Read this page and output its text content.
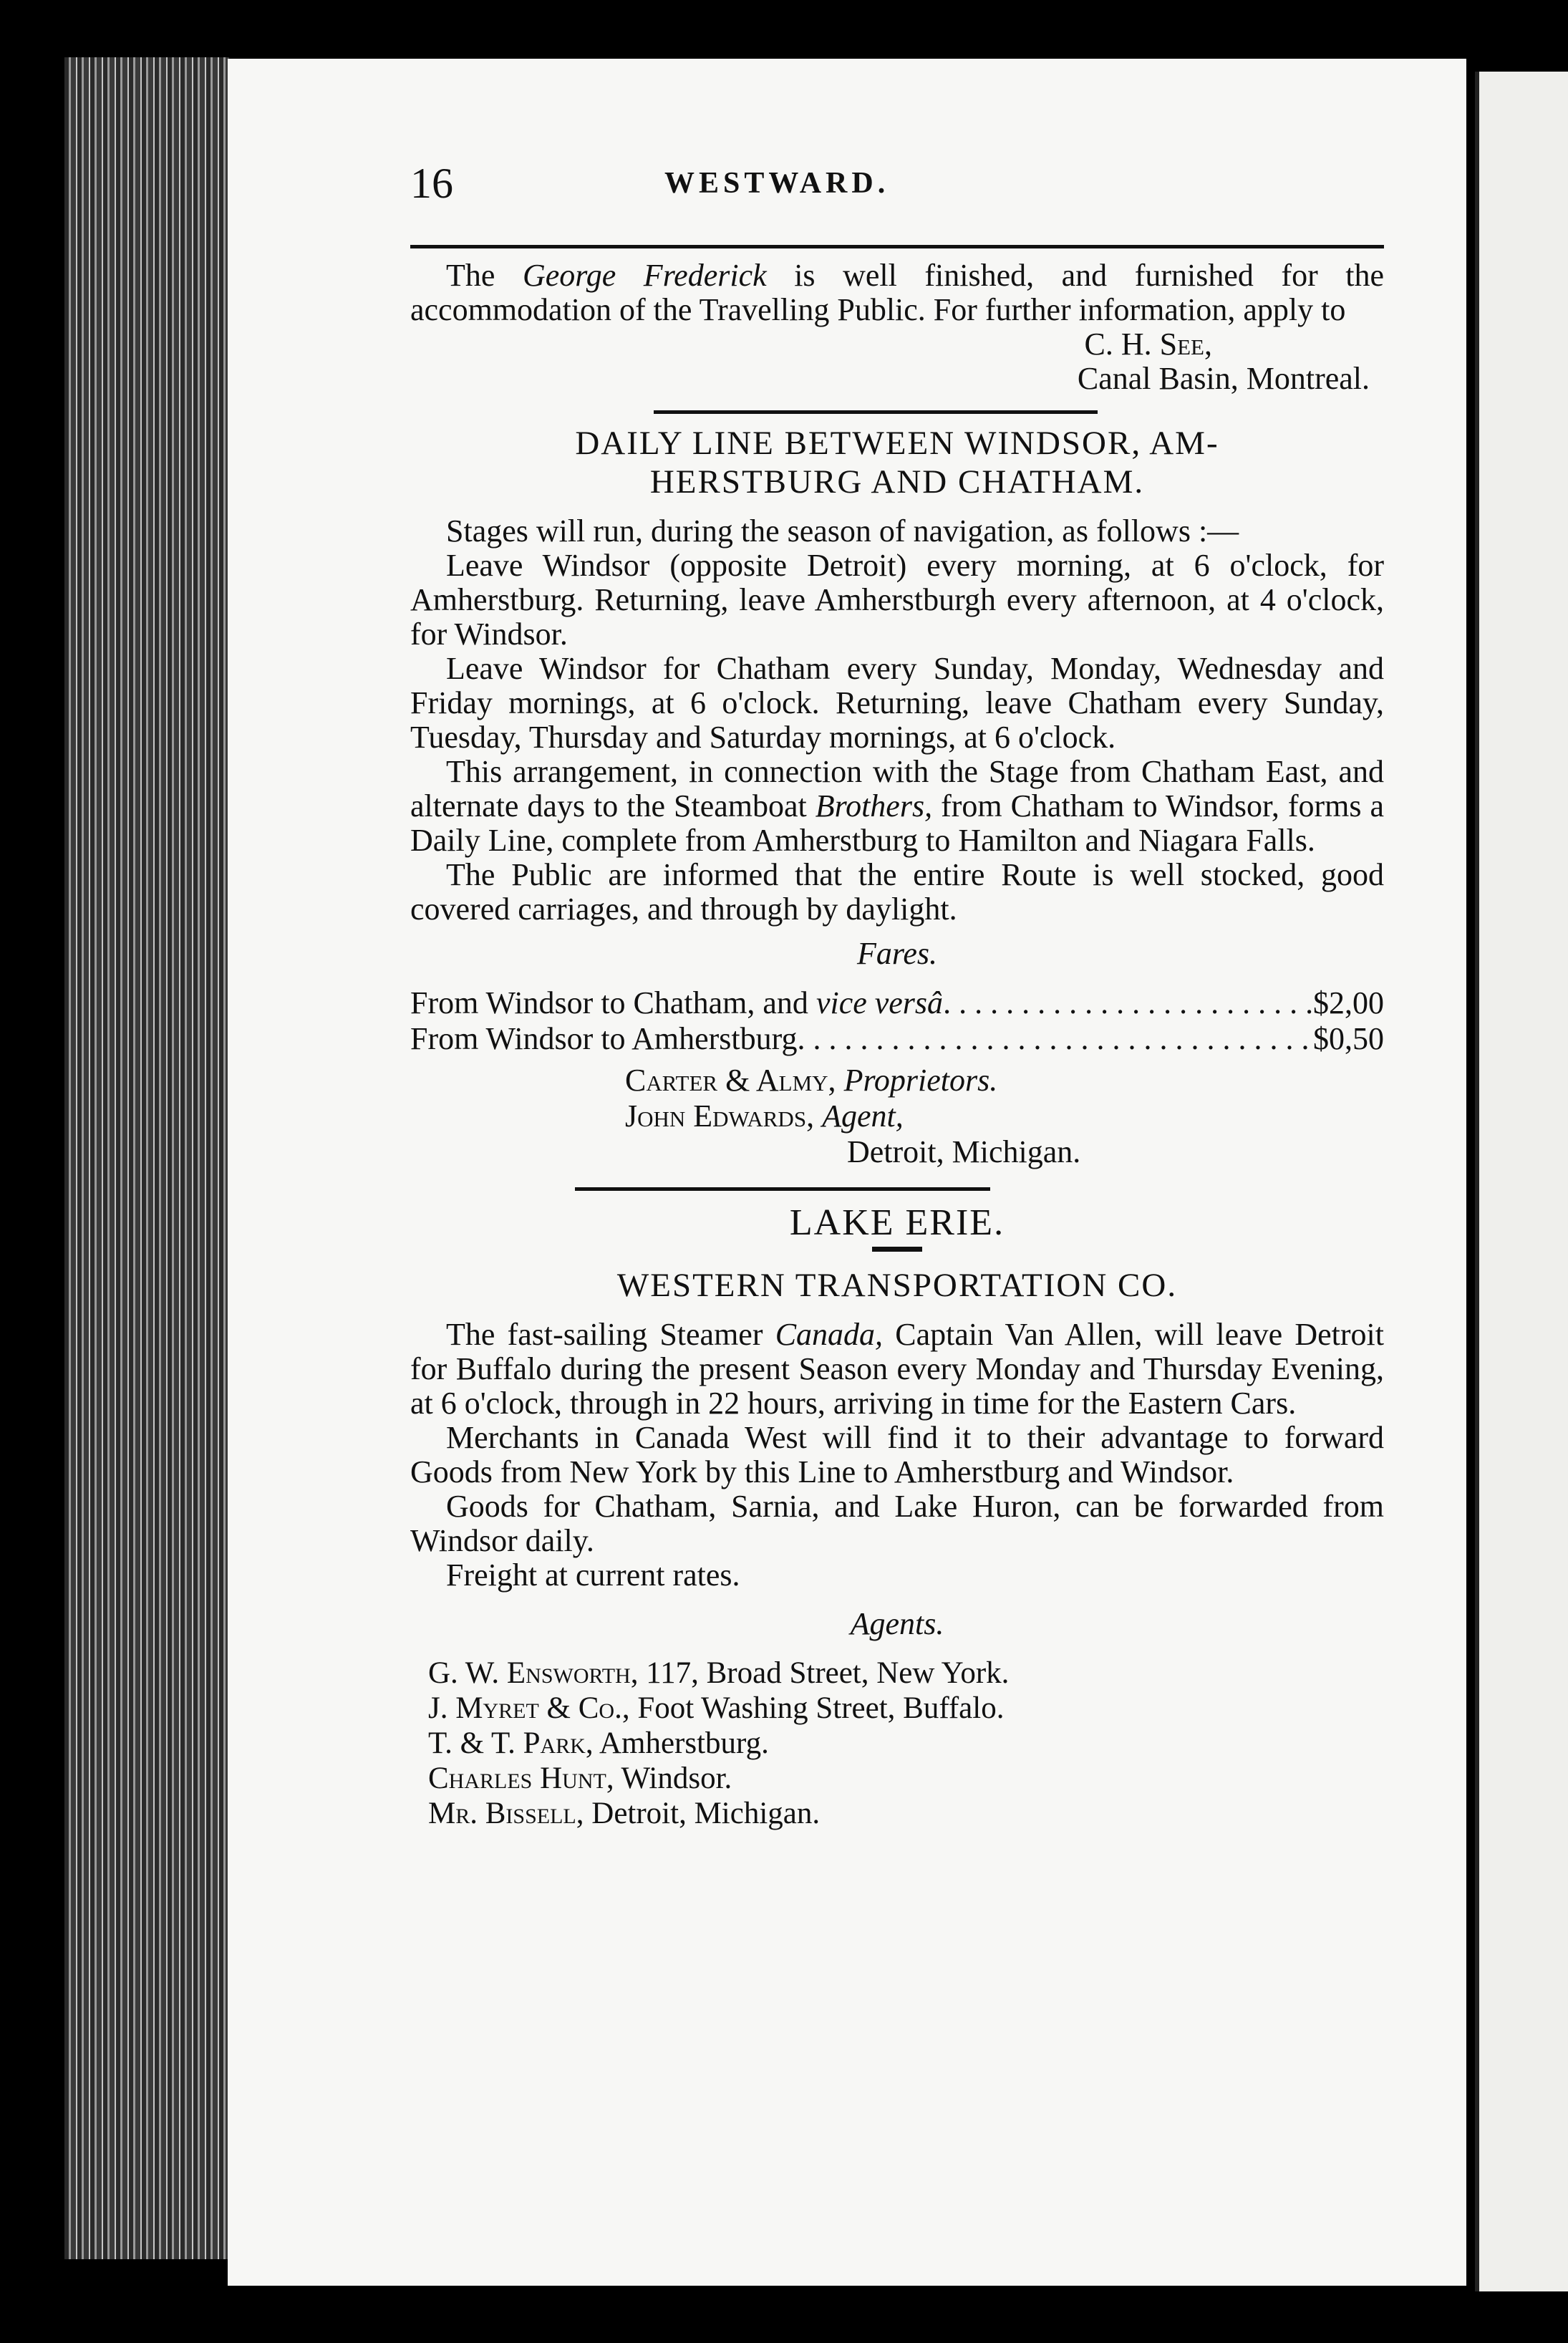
16	WESTWARD.

The George Frederick is well finished, and furnished for the accommodation of the Travelling Public. For further information, apply to

C. H. See,

Canal Basin, Montreal.

DAILY LINE BETWEEN WINDSOR, AM-
HERSTBURG AND CHATHAM.

Stages will run, during the season of navigation, as follows :—

Leave Windsor (opposite Detroit) every morning, at 6 o'clock, for Amherstburg. Returning, leave Amherstburgh every afternoon, at 4 o'clock, for Windsor.

Leave Windsor for Chatham every Sunday, Monday, Wednesday and Friday mornings, at 6 o'clock. Returning, leave Chatham every Sunday, Tuesday, Thursday and Saturday mornings, at 6 o'clock.

This arrangement, in connection with the Stage from Chatham East, and alternate days to the Steamboat Brothers, from Chatham to Windsor, forms a Daily Line, complete from Amherstburg to Hamilton and Niagara Falls.

The Public are informed that the entire Route is well stocked, good covered carriages, and through by daylight.

Fares.

From Windsor to Chatham, and vice versâ . . .	$2,00
From Windsor to Amherstburg . . .	$0,50
Carter & Almy, Proprietors.
John Edwards, Agent,
Detroit, Michigan.
LAKE ERIE.
WESTERN TRANSPORTATION CO.

The fast-sailing Steamer Canada, Captain Van Allen, will leave Detroit for Buffalo during the present Season every Monday and Thursday Evening, at 6 o'clock, through in 22 hours, arriving in time for the Eastern Cars.

Merchants in Canada West will find it to their advantage to forward Goods from New York by this Line to Amherstburg and Windsor.

Goods for Chatham, Sarnia, and Lake Huron, can be forwarded from Windsor daily.

Freight at current rates.

Agents.

G. W. Ensworth, 117, Broad Street, New York.
J. Myret & Co., Foot Washing Street, Buffalo.
T. & T. Park, Amherstburg.
Charles Hunt, Windsor.
Mr. Bissell, Detroit, Michigan.
